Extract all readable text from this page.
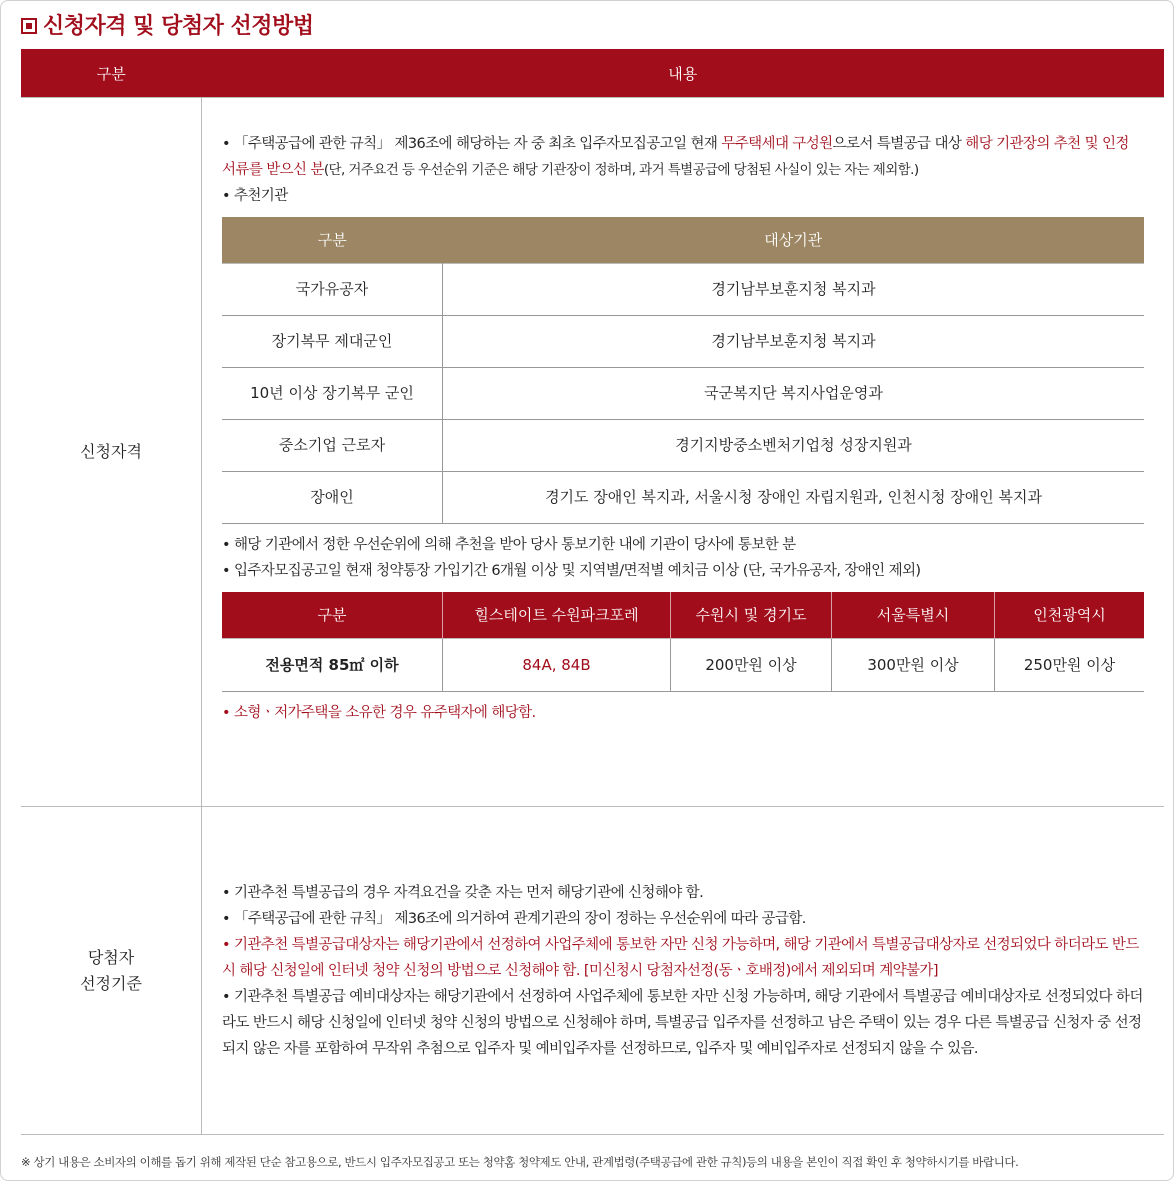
신청자격 및 당첨자 선정방법
구분	내용
신청자격	

• 「주택공급에 관한 규칙」 제36조에 해당하는 자 중 최초 입주자모집공고일 현재 무주택세대 구성원으로서 특별공급 대상 해당 기관장의 추천 및 인정 서류를 받으신 분(단, 거주요건 등 우선순위 기준은 해당 기관장이 정하며, 과거 특별공급에 당첨된 사실이 있는 자는 제외함.)

• 추천기관

구분	대상기관
국가유공자	경기남부보훈지청 복지과
장기복무 제대군인	경기남부보훈지청 복지과
10년 이상 장기복무 군인	국군복지단 복지사업운영과
중소기업 근로자	경기지방중소벤처기업청 성장지원과
장애인	경기도 장애인 복지과, 서울시청 장애인 자립지원과, 인천시청 장애인 복지과

• 해당 기관에서 정한 우선순위에 의해 추천을 받아 당사 통보기한 내에 기관이 당사에 통보한 분

• 입주자모집공고일 현재 청약통장 가입기간 6개월 이상 및 지역별/면적별 예치금 이상 (단, 국가유공자, 장애인 제외)

구분	힐스테이트 수원파크포레	수원시 및 경기도	서울특별시	인천광역시
전용면적 85㎡ 이하	84A, 84B	200만원 이상	300만원 이상	250만원 이상

• 소형ㆍ저가주택을 소유한 경우 유주택자에 해당함.

당첨자
선정기준

• 기관추천 특별공급의 경우 자격요건을 갖춘 자는 먼저 해당기관에 신청해야 함.

• 「주택공급에 관한 규칙」 제36조에 의거하여 관계기관의 장이 정하는 우선순위에 따라 공급함.

• 기관추천 특별공급대상자는 해당기관에서 선정하여 사업주체에 통보한 자만 신청 가능하며, 해당 기관에서 특별공급대상자로 선정되었다 하더라도 반드시 해당 신청일에 인터넷 청약 신청의 방법으로 신청해야 함. [미신청시 당첨자선정(동ㆍ호배정)에서 제외되며 계약불가]

• 기관추천 특별공급 예비대상자는 해당기관에서 선정하여 사업주체에 통보한 자만 신청 가능하며, 해당 기관에서 특별공급 예비대상자로 선정되었다 하더라도 반드시 해당 신청일에 인터넷 청약 신청의 방법으로 신청해야 하며, 특별공급 입주자를 선정하고 남은 주택이 있는 경우 다른 특별공급 신청자 중 선정되지 않은 자를 포함하여 무작위 추첨으로 입주자 및 예비입주자를 선정하므로, 입주자 및 예비입주자로 선정되지 않을 수 있음.

※ 상기 내용은 소비자의 이해를 돕기 위해 제작된 단순 참고용으로, 반드시 입주자모집공고 또는 청약홈 청약제도 안내, 관계법령(주택공급에 관한 규칙)등의 내용을 본인이 직접 확인 후 청약하시기를 바랍니다.
